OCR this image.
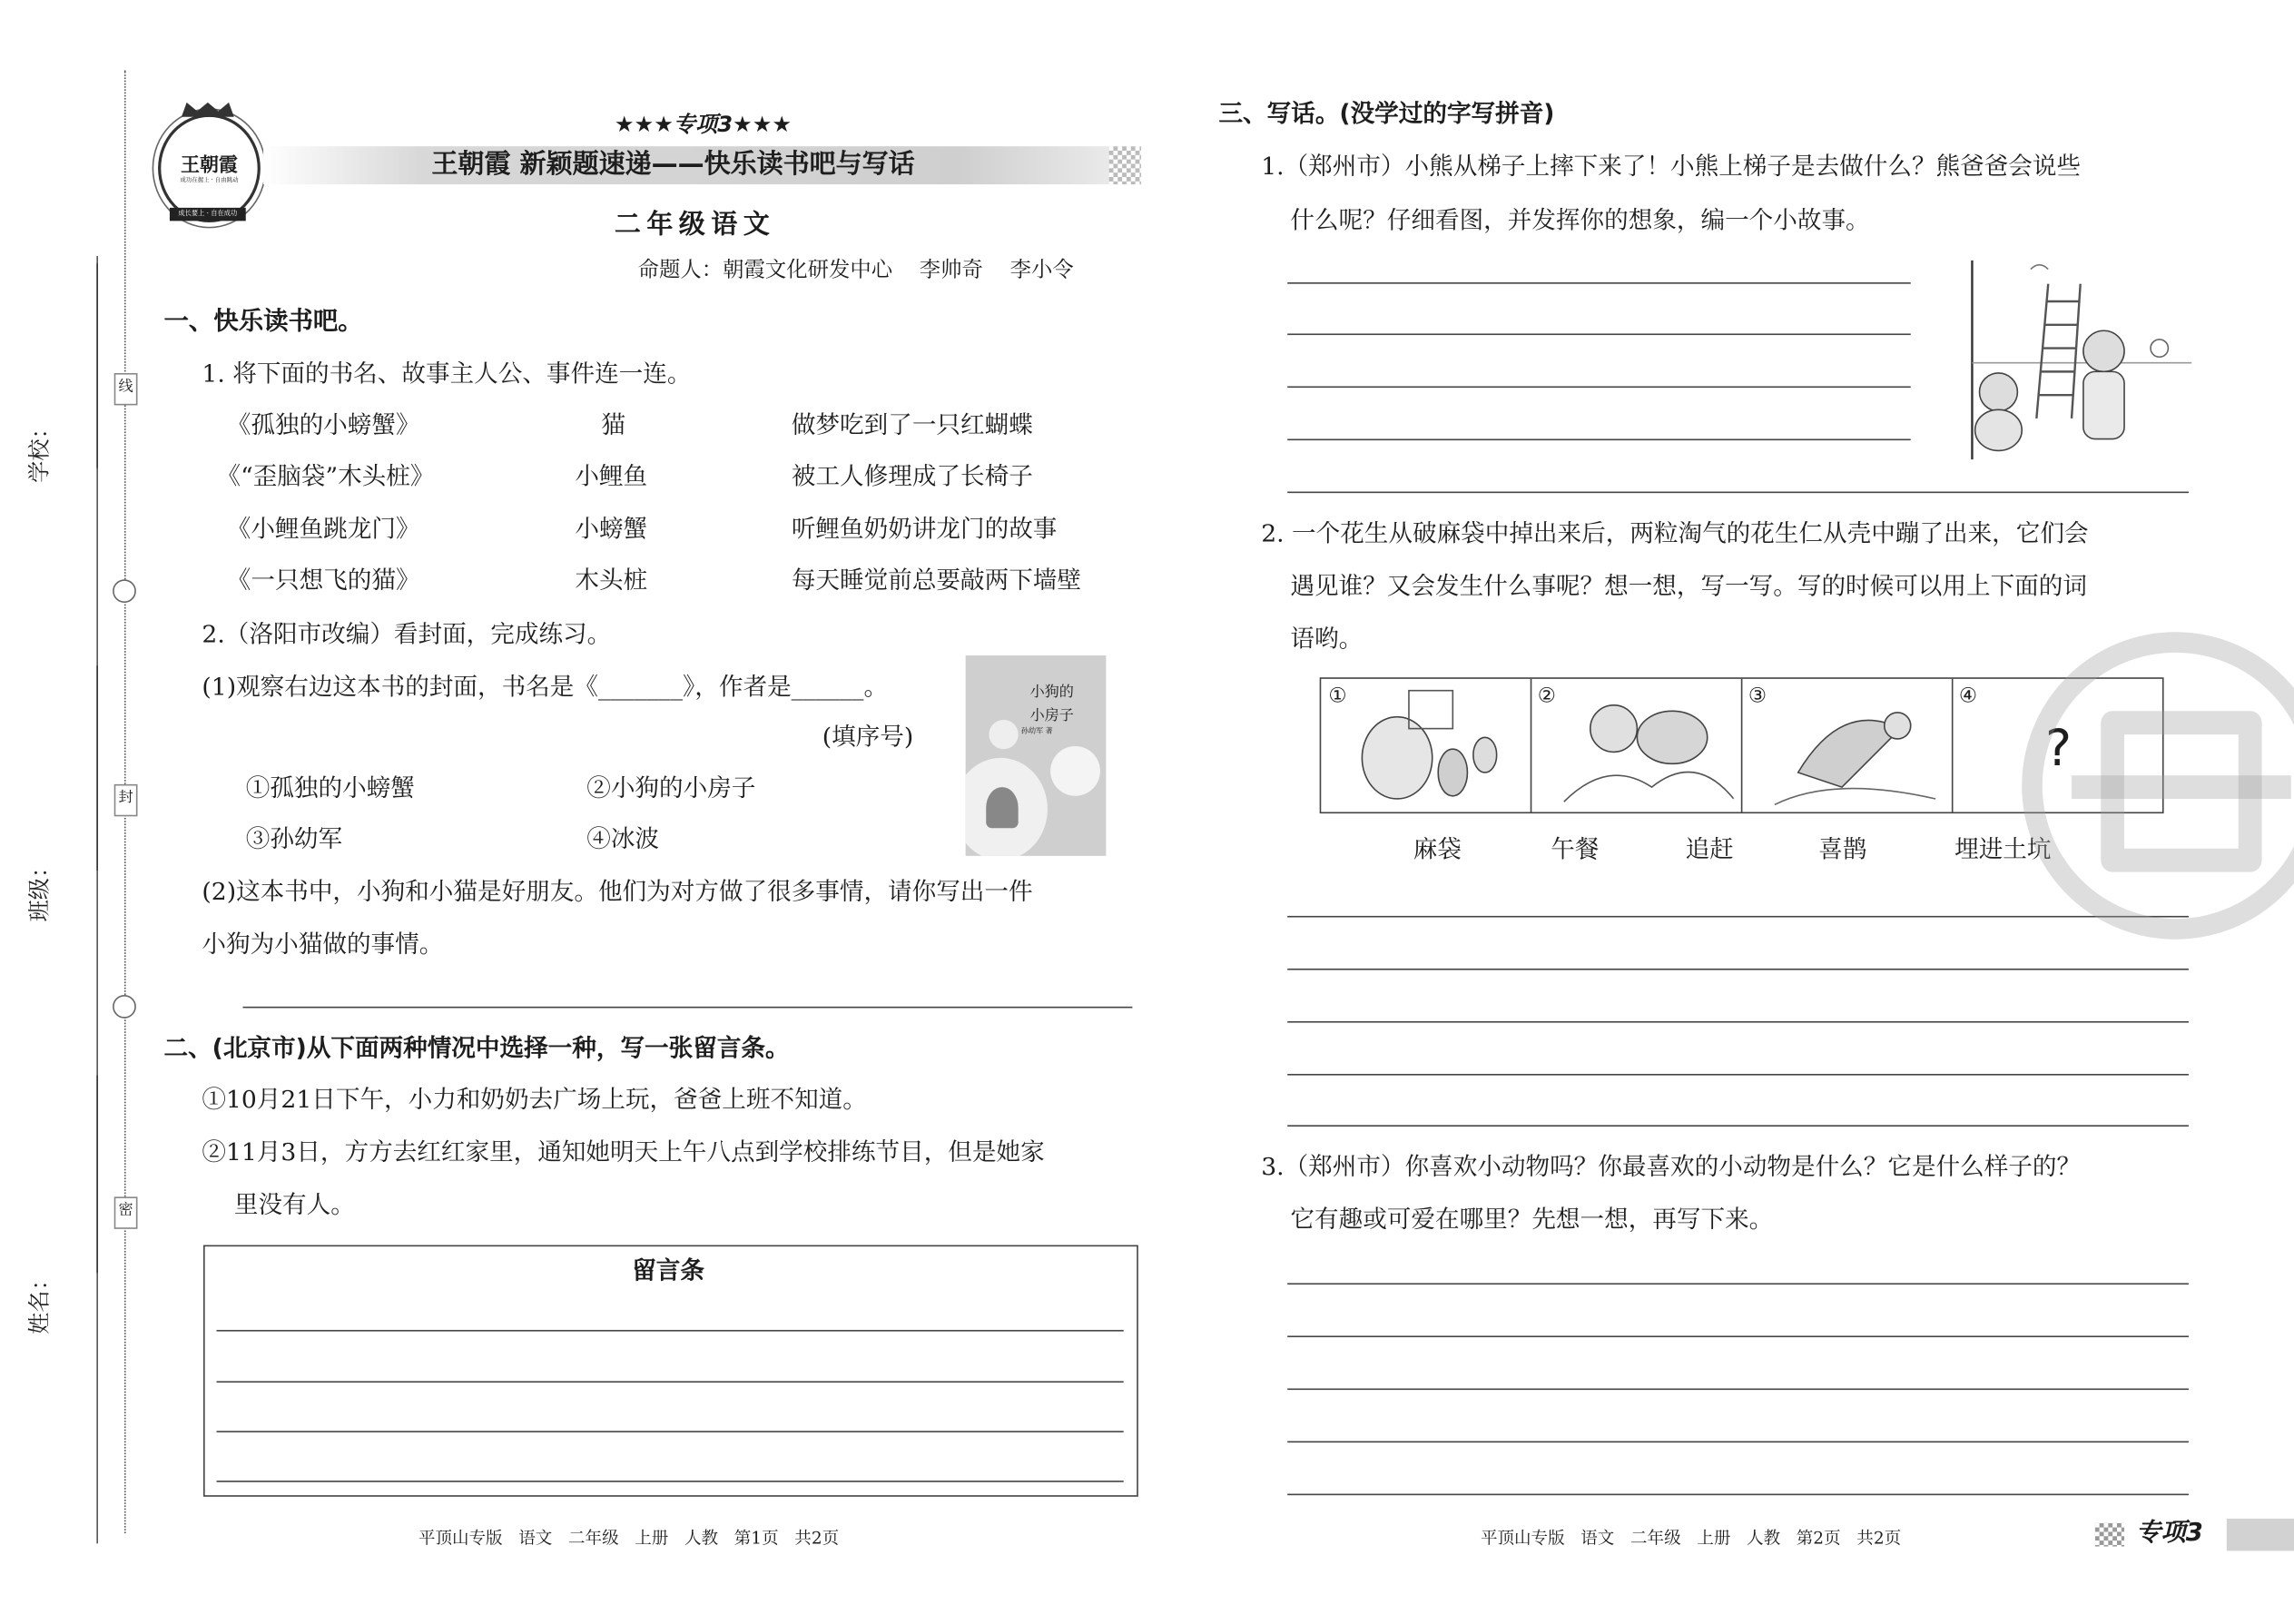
线
封
密
学校：
班级：
姓名：
王朝霞
成功在握上 · 自由跳动
成长要上 · 自在成功
★★★专项3★★★
王朝霞 新颖题速递——快乐读书吧与写话
二年级语文
命题人：朝霞文化研发中心    李帅奇    李小令
一、快乐读书吧。
1. 将下面的书名、故事主人公、事件连一连。
《孤独的小螃蟹》	猫	做梦吃到了一只红蝴蝶
《“歪脑袋”木头桩》	小鲤鱼	被工人修理成了长椅子
《小鲤鱼跳龙门》	小螃蟹	听鲤鱼奶奶讲龙门的故事
《一只想飞的猫》	木头桩	每天睡觉前总要敲两下墙壁
2.（洛阳市改编）看封面，完成练习。
(1)观察右边这本书的封面，书名是《_______》，作者是______。
(填序号)
①孤独的小螃蟹	②小狗的小房子
③孙幼军	④冰波
小狗的
小房子
孙幼军 著
(2)这本书中，小狗和小猫是好朋友。他们为对方做了很多事情，请你写出一件
小狗为小猫做的事情。
二、(北京市)从下面两种情况中选择一种，写一张留言条。
①10月21日下午，小力和奶奶去广场上玩，爸爸上班不知道。
②11月3日，方方去红红家里，通知她明天上午八点到学校排练节目，但是她家
里没有人。
留言条
平顶山专版   语文   二年级   上册   人教   第1页   共2页
三、写话。(没学过的字写拼音)
1.（郑州市）小熊从梯子上摔下来了！小熊上梯子是去做什么？熊爸爸会说些
什么呢？仔细看图，并发挥你的想象，编一个小故事。
2. 一个花生从破麻袋中掉出来后，两粒淘气的花生仁从壳中蹦了出来，它们会
遇见谁？又会发生什么事呢？想一想，写一写。写的时候可以用上下面的词
语哟。
①	②	③	④
?
麻袋	午餐	追赶	喜鹊	埋进土坑
3.（郑州市）你喜欢小动物吗？你最喜欢的小动物是什么？它是什么样子的？
它有趣或可爱在哪里？先想一想，再写下来。
平顶山专版   语文   二年级   上册   人教   第2页   共2页	专项3
